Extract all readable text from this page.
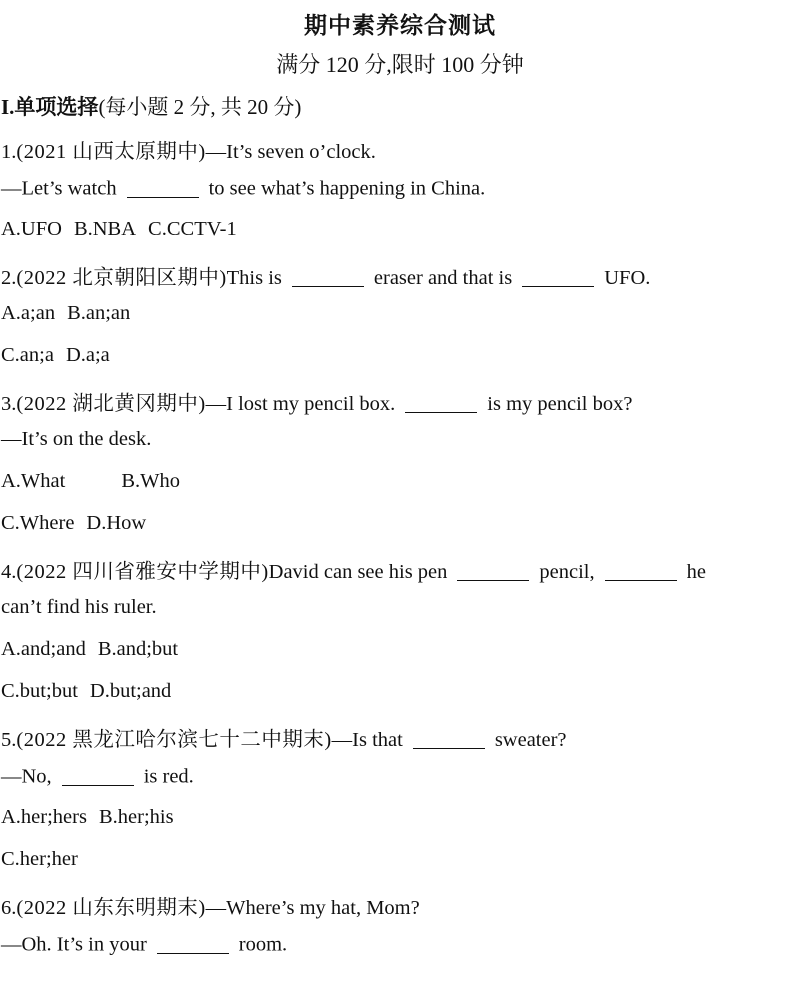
期中素养综合测试
满分 120 分,限时 100 分钟
I.单项选择(每小题 2 分, 共 20 分)
1.(2021 山西太原期中)—It’s seven o’clock.
—Let’s watch	to see what’s happening in China.
A.UFO B.NBA C.CCTV-1
2.(2022 北京朝阳区期中)This is	eraser and that is	UFO.
A.a;an B.an;an
C.an;a D.a;a
3.(2022 湖北黄冈期中)—I lost my pencil box.	is my pencil box?
—It’s on the desk.
A.What	B.Who
C.Where D.How
4.(2022 四川省雅安中学期中)David can see his pen	pencil,	he
can’t find his ruler.
A.and;and B.and;but
C.but;but D.but;and
5.(2022 黑龙江哈尔滨七十二中期末)—Is that	sweater?
—No,	is red.
A.her;hers B.her;his
C.her;her
6.(2022 山东东明期末)—Where’s my hat, Mom?
—Oh. It’s in your	room.
